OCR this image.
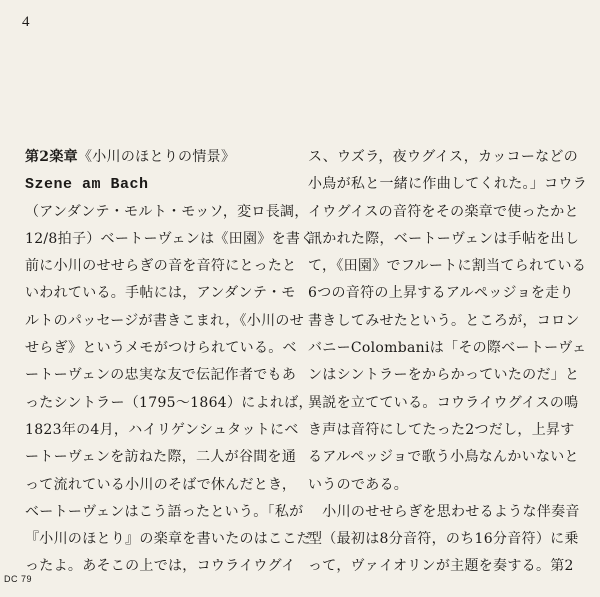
4
第2楽章《小川のほとりの情景》
Szene am Bach
（アンダンテ・モルト・モッソ，変ロ長調，
12/8拍子）ベートーヴェンは《田園》を書く
前に小川のせせらぎの音を音符にとったと
いわれている。手帖には，アンダンテ・モ
ルトのパッセージが書きこまれ，《小川のせ
せらぎ》というメモがつけられている。ベ
ートーヴェンの忠実な友で伝記作者でもあ
ったシントラー（1795～1864）によれば，
1823年の4月，ハイリゲンシュタットにベ
ートーヴェンを訪ねた際，二人が谷間を通
って流れている小川のそばで休んだとき，
ベートーヴェンはこう語ったという。「私が
『小川のほとり』の楽章を書いたのはここだ
ったよ。あそこの上では，コウライウグイ
ス、ウズラ，夜ウグイス，カッコーなどの
小鳥が私と一緒に作曲してくれた。」コウラ
イウグイスの音符をその楽章で使ったかと
訊かれた際，ベートーヴェンは手帖を出し
て，《田園》でフルートに割当てられている
6つの音符の上昇するアルペッジョを走り
書きしてみせたという。ところが，コロン
バニーColombaniは「その際ベートーヴェ
ンはシントラーをからかっていたのだ」と
異説を立てている。コウライウグイスの鳴
き声は音符にしてたった2つだし，上昇す
るアルペッジョで歌う小鳥なんかいないと
いうのである。
　小川のせせらぎを思わせるような伴奏音
型（最初は8分音符，のち16分音符）に乗
って，ヴァイオリンが主題を奏する。第2
DC 79
